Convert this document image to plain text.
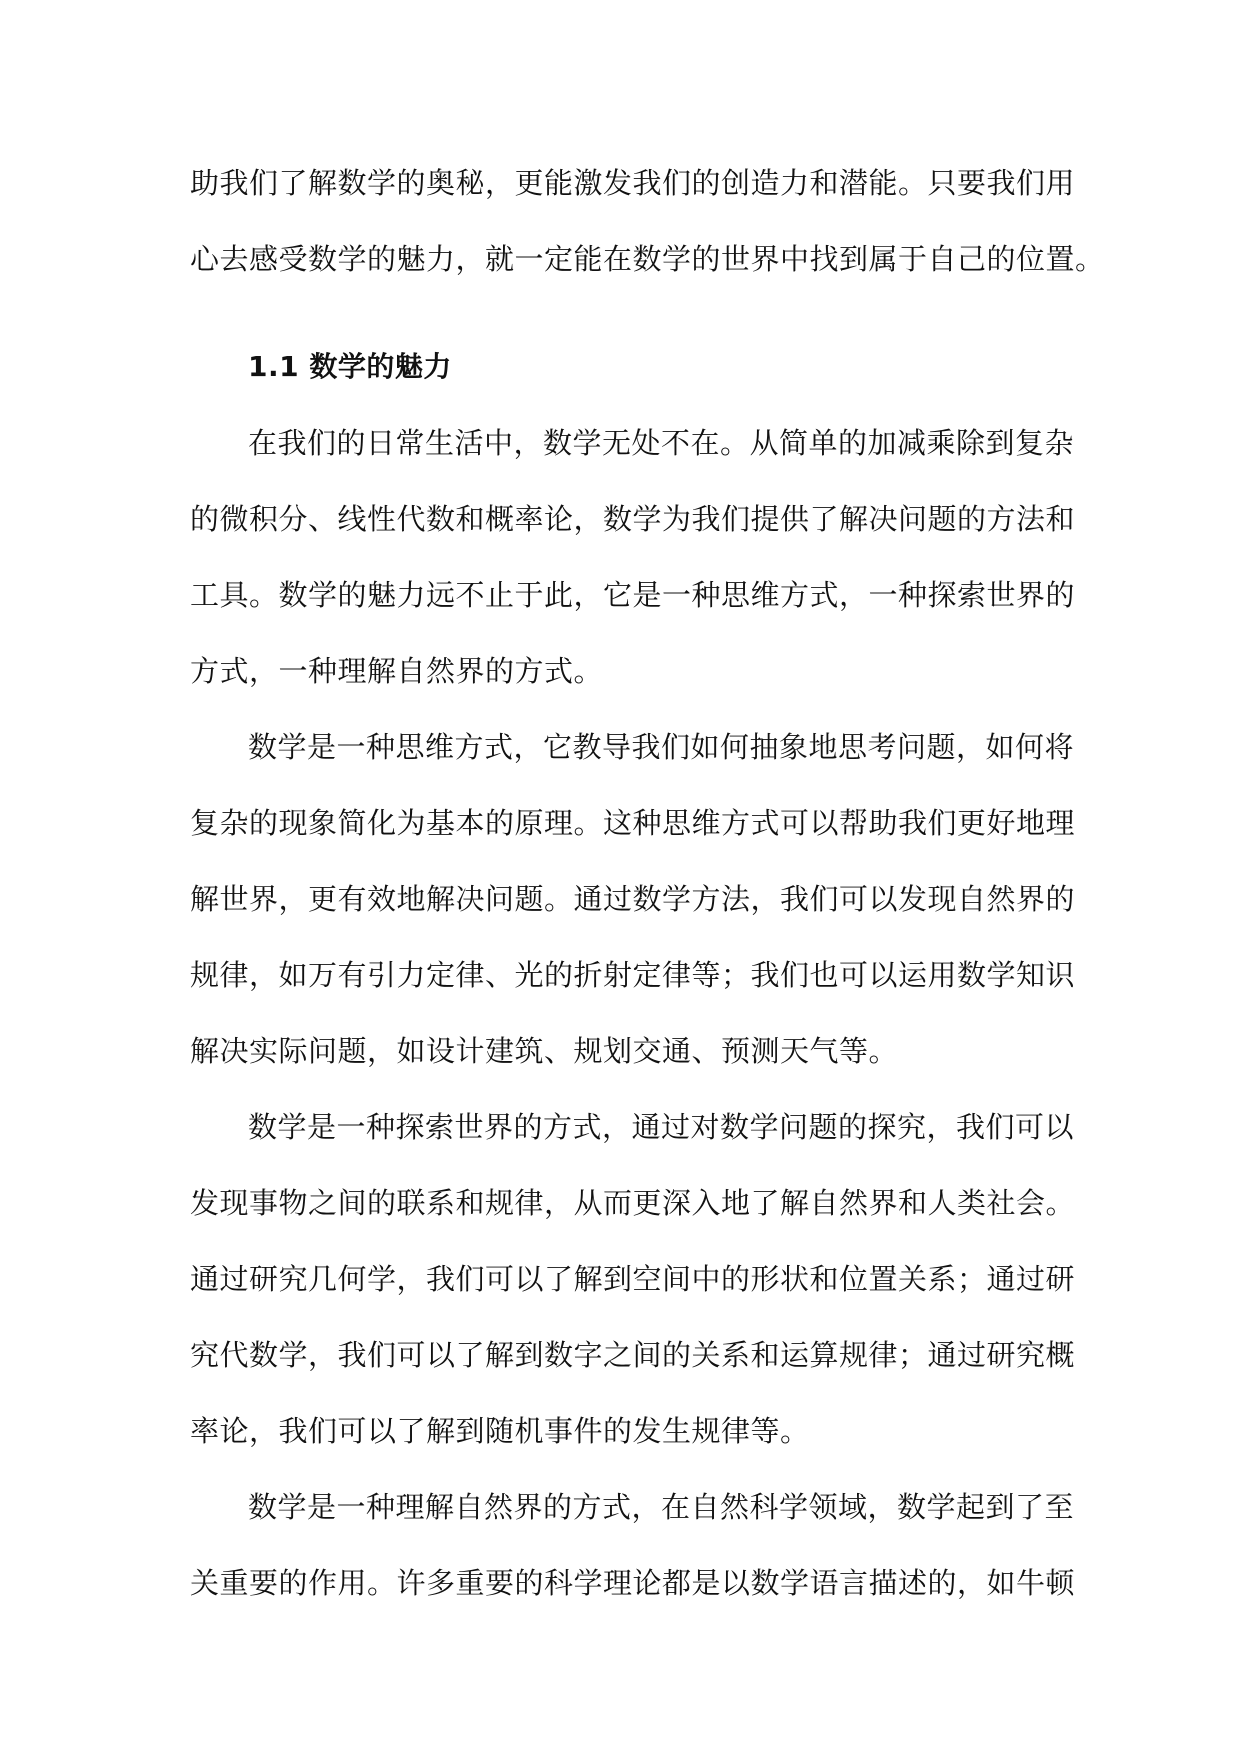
助我们了解数学的奥秘，更能激发我们的创造力和潜能。只要我们用
心去感受数学的魅力，就一定能在数学的世界中找到属于自己的位置。
1.1 数学的魅力
在我们的日常生活中，数学无处不在。从简单的加减乘除到复杂
的微积分、线性代数和概率论，数学为我们提供了解决问题的方法和
工具。数学的魅力远不止于此，它是一种思维方式，一种探索世界的
方式，一种理解自然界的方式。
数学是一种思维方式，它教导我们如何抽象地思考问题，如何将
复杂的现象简化为基本的原理。这种思维方式可以帮助我们更好地理
解世界，更有效地解决问题。通过数学方法，我们可以发现自然界的
规律，如万有引力定律、光的折射定律等；我们也可以运用数学知识
解决实际问题，如设计建筑、规划交通、预测天气等。
数学是一种探索世界的方式，通过对数学问题的探究，我们可以
发现事物之间的联系和规律，从而更深入地了解自然界和人类社会。
通过研究几何学，我们可以了解到空间中的形状和位置关系；通过研
究代数学，我们可以了解到数字之间的关系和运算规律；通过研究概
率论，我们可以了解到随机事件的发生规律等。
数学是一种理解自然界的方式，在自然科学领域，数学起到了至
关重要的作用。许多重要的科学理论都是以数学语言描述的，如牛顿
